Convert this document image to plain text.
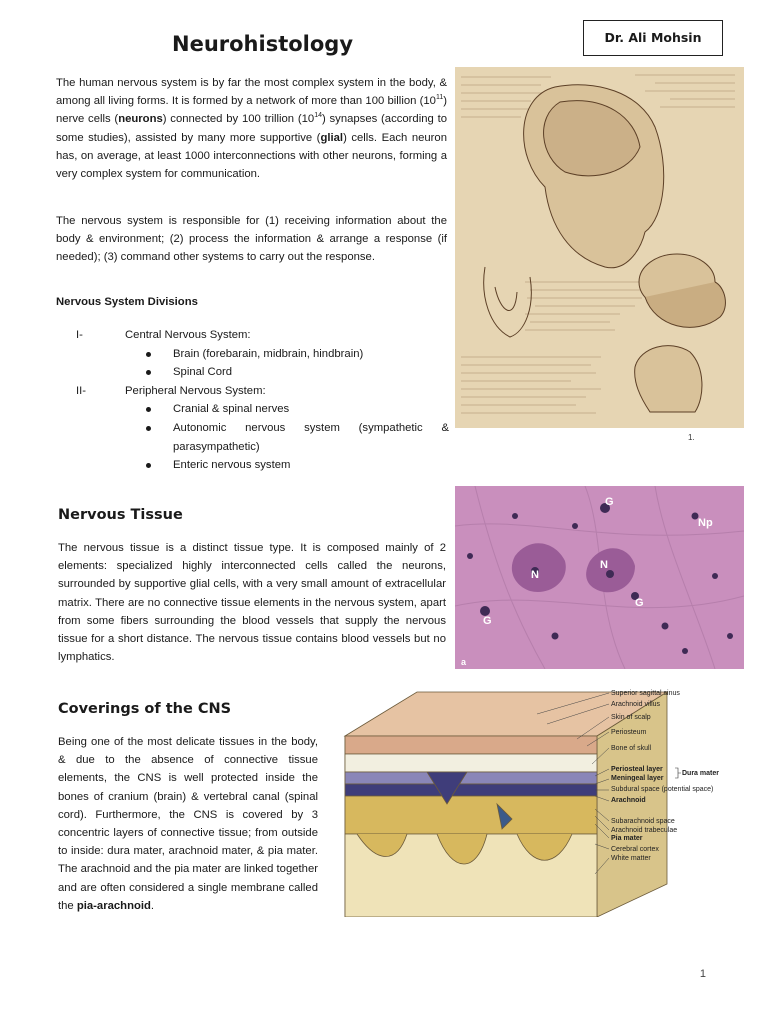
Neurohistology	Dr. Ali Mohsin
The human nervous system is by far the most complex system in the body, & among all living forms. It is formed by a network of more than 100 billion $(10^{11})$ nerve cells (neurons) connected by 100 trillion $(10^{14})$ synapses (according to some studies), assisted by many more supportive (glial) cells. Each neuron has, on average, at least 1000 interconnections with other neurons, forming a very complex system for communication.
The nervous system is responsible for (1) receiving information about the body & environment; (2) process the information & arrange a response (if needed); (3) command other systems to carry out the response.
Nervous System Divisions
I-	Central Nervous System:
Brain (forebarain, midbrain, hindbrain)
Spinal Cord
II-	Peripheral Nervous System:
Cranial & spinal nerves
Autonomic nervous system (sympathetic & parasympathetic)
Enteric nervous system
1.
Nervous Tissue
The nervous tissue is a distinct tissue type. It is composed mainly of 2 elements: specialized highly interconnected cells called the neurons, surrounded by supportive glial cells, with a very small amount of extracellular matrix. There are no connective tissue elements in the nervous system, apart from some fibers surrounding the blood vessels that supply the nervous tissue for a short distance. The nervous tissue contains blood vessels but no lymphatics.
G
Np
N
N
G
G
a
Coverings of the CNS
Being one of the most delicate tissues in the body, & due to the absence of connective tissue elements, the CNS is well protected inside the bones of cranium (brain) & vertebral canal (spinal cord). Furthermore, the CNS is covered by 3 concentric layers of connective tissue; from outside to inside: dura mater, arachnoid mater, & pia mater. The arachnoid and the pia mater are linked together and are often considered a single membrane called the pia-arachnoid.
Superior sagittal sinus
Arachnoid villus
Skin of scalp
Periosteum
Bone of skull
Periosteal layer
Meningeal layer
Dura mater
Subdural space (potential space)
Arachnoid
Subarachnoid space
Arachnoid trabeculae
Pia mater
Cerebral cortex
White matter
1
